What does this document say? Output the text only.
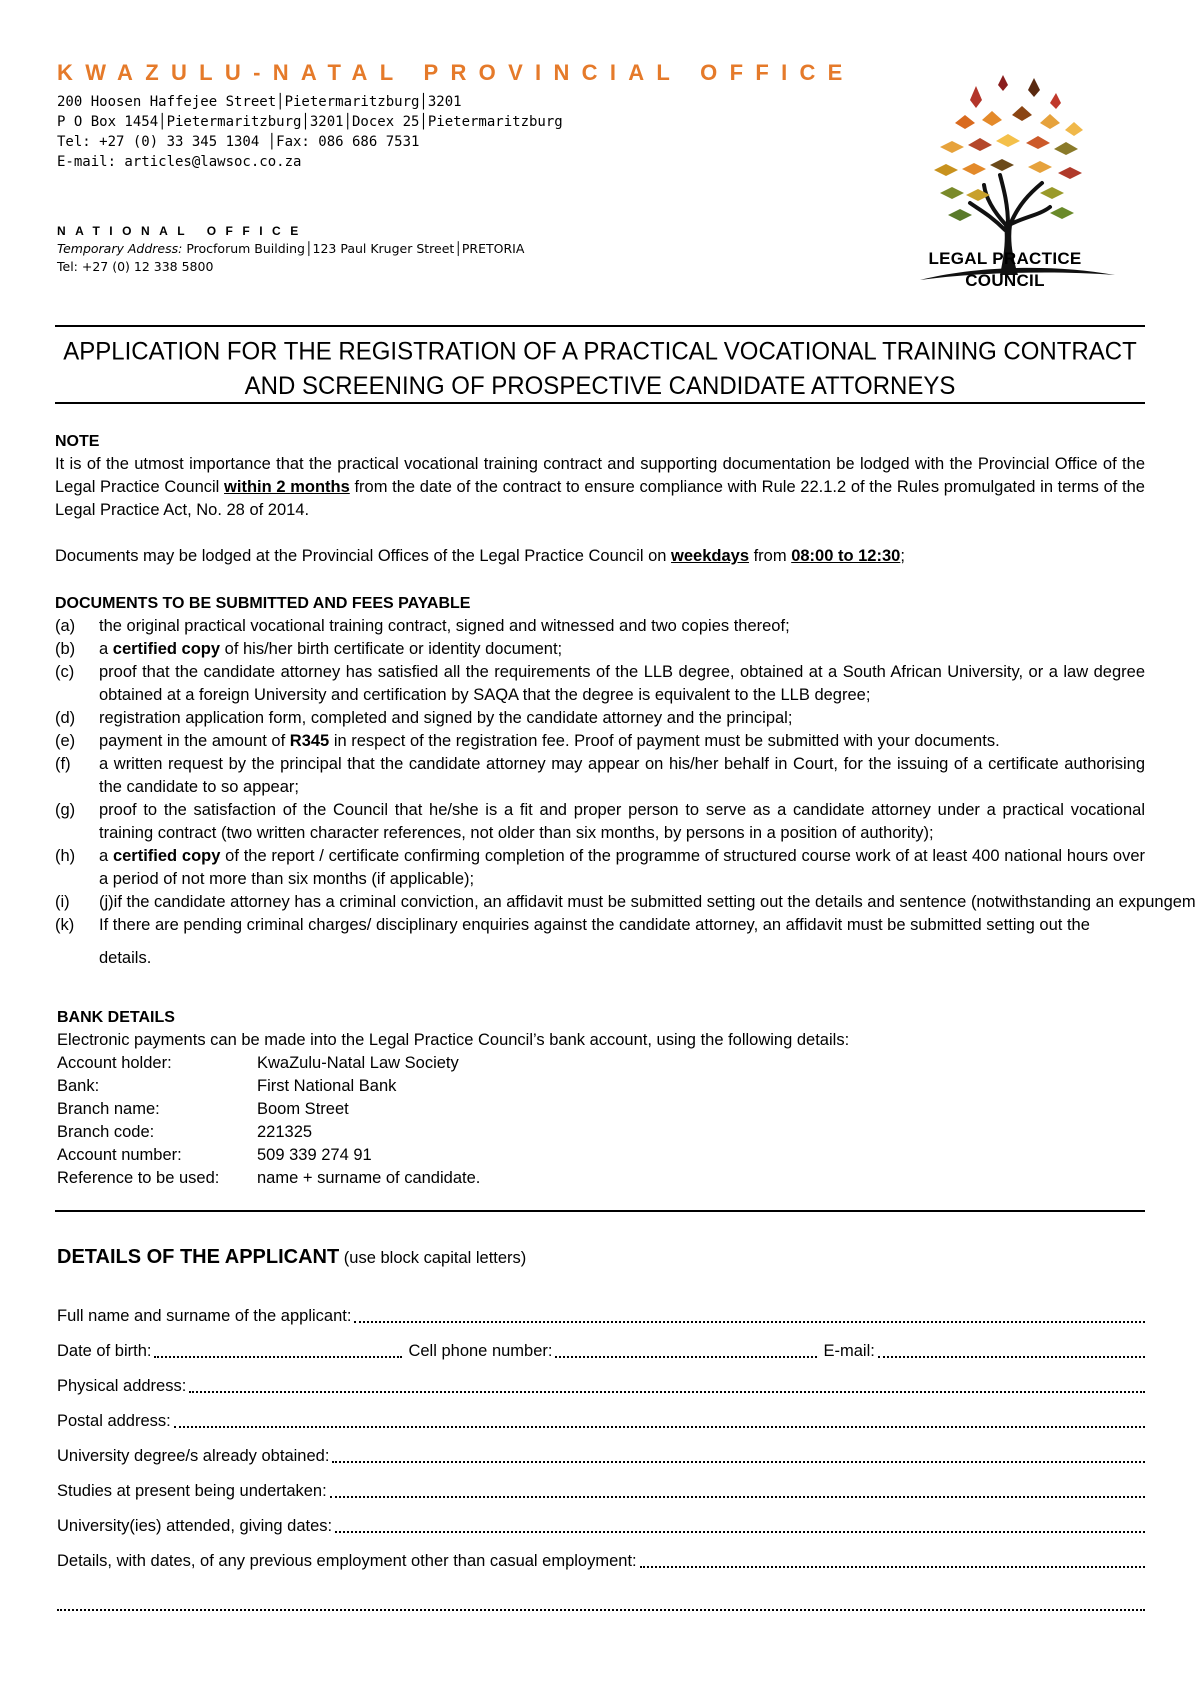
KWAZULU-NATAL PROVINCIAL OFFICE
200 Hoosen Haffejee Street│Pietermaritzburg│3201
P O Box 1454│Pietermaritzburg│3201│Docex 25│Pietermaritzburg
Tel: +27 (0) 33 345 1304 │Fax: 086 686 7531
E-mail: articles@lawsoc.co.za
NATIONAL OFFICE
Temporary Address: Procforum Building│123 Paul Kruger Street│PRETORIA
Tel: +27 (0) 12 338 5800	LEGAL PRACTICE
COUNCIL
APPLICATION FOR THE REGISTRATION OF A PRACTICAL VOCATIONAL TRAINING CONTRACT
AND SCREENING OF PROSPECTIVE CANDIDATE ATTORNEYS
NOTE
It is of the utmost importance that the practical vocational training contract and supporting documentation be lodged with the Provincial Office of the Legal Practice Council within 2 months from the date of the contract to ensure compliance with Rule 22.1.2 of the Rules promulgated in terms of the Legal Practice Act, No. 28 of 2014.
Documents may be lodged at the Provincial Offices of the Legal Practice Council on weekdays from 08:00 to 12:30;
DOCUMENTS TO BE SUBMITTED AND FEES PAYABLE
(a) the original practical vocational training contract, signed and witnessed and two copies thereof;
(b) a certified copy of his/her birth certificate or identity document;
(c) proof that the candidate attorney has satisfied all the requirements of the LLB degree, obtained at a South African University, or a law degree obtained at a foreign University and certification by SAQA that the degree is equivalent to the LLB degree;
(d) registration application form, completed and signed by the candidate attorney and the principal;
(e) payment in the amount of R345 in respect of the registration fee. Proof of payment must be submitted with your documents.
(f) a written request by the principal that the candidate attorney may appear on his/her behalf in Court, for the issuing of a certificate authorising the candidate to so appear;
(g) proof to the satisfaction of the Council that he/she is a fit and proper person to serve as a candidate attorney under a practical vocational training contract (two written character references, not older than six months, by persons in a position of authority);
(h) a certified copy of the report / certificate confirming completion of the programme of structured course work of at least 400 national hours over a period of not more than six months (if applicable);
(i) (j)if the candidate attorney has a criminal conviction, an affidavit must be submitted setting out the details and sentence (notwithstanding an expungem
(k) If there are pending criminal charges/ disciplinary enquiries against the candidate attorney, an affidavit must be submitted setting out the
details.
BANK DETAILS
Electronic payments can be made into the Legal Practice Council’s bank account, using the following details:
Account holder:	KwaZulu-Natal Law Society
Bank:	First National Bank
Branch name:	Boom Street
Branch code:	221325
Account number:	509 339 274 91
Reference to be used:	name + surname of candidate.
DETAILS OF THE APPLICANT (use block capital letters)
Full name and surname of the applicant:
Date of birth:	Cell phone number:	E-mail:
Physical address:
Postal address:
University degree/s already obtained:
Studies at present being undertaken:
University(ies) attended, giving dates:
Details, with dates, of any previous employment other than casual employment:
